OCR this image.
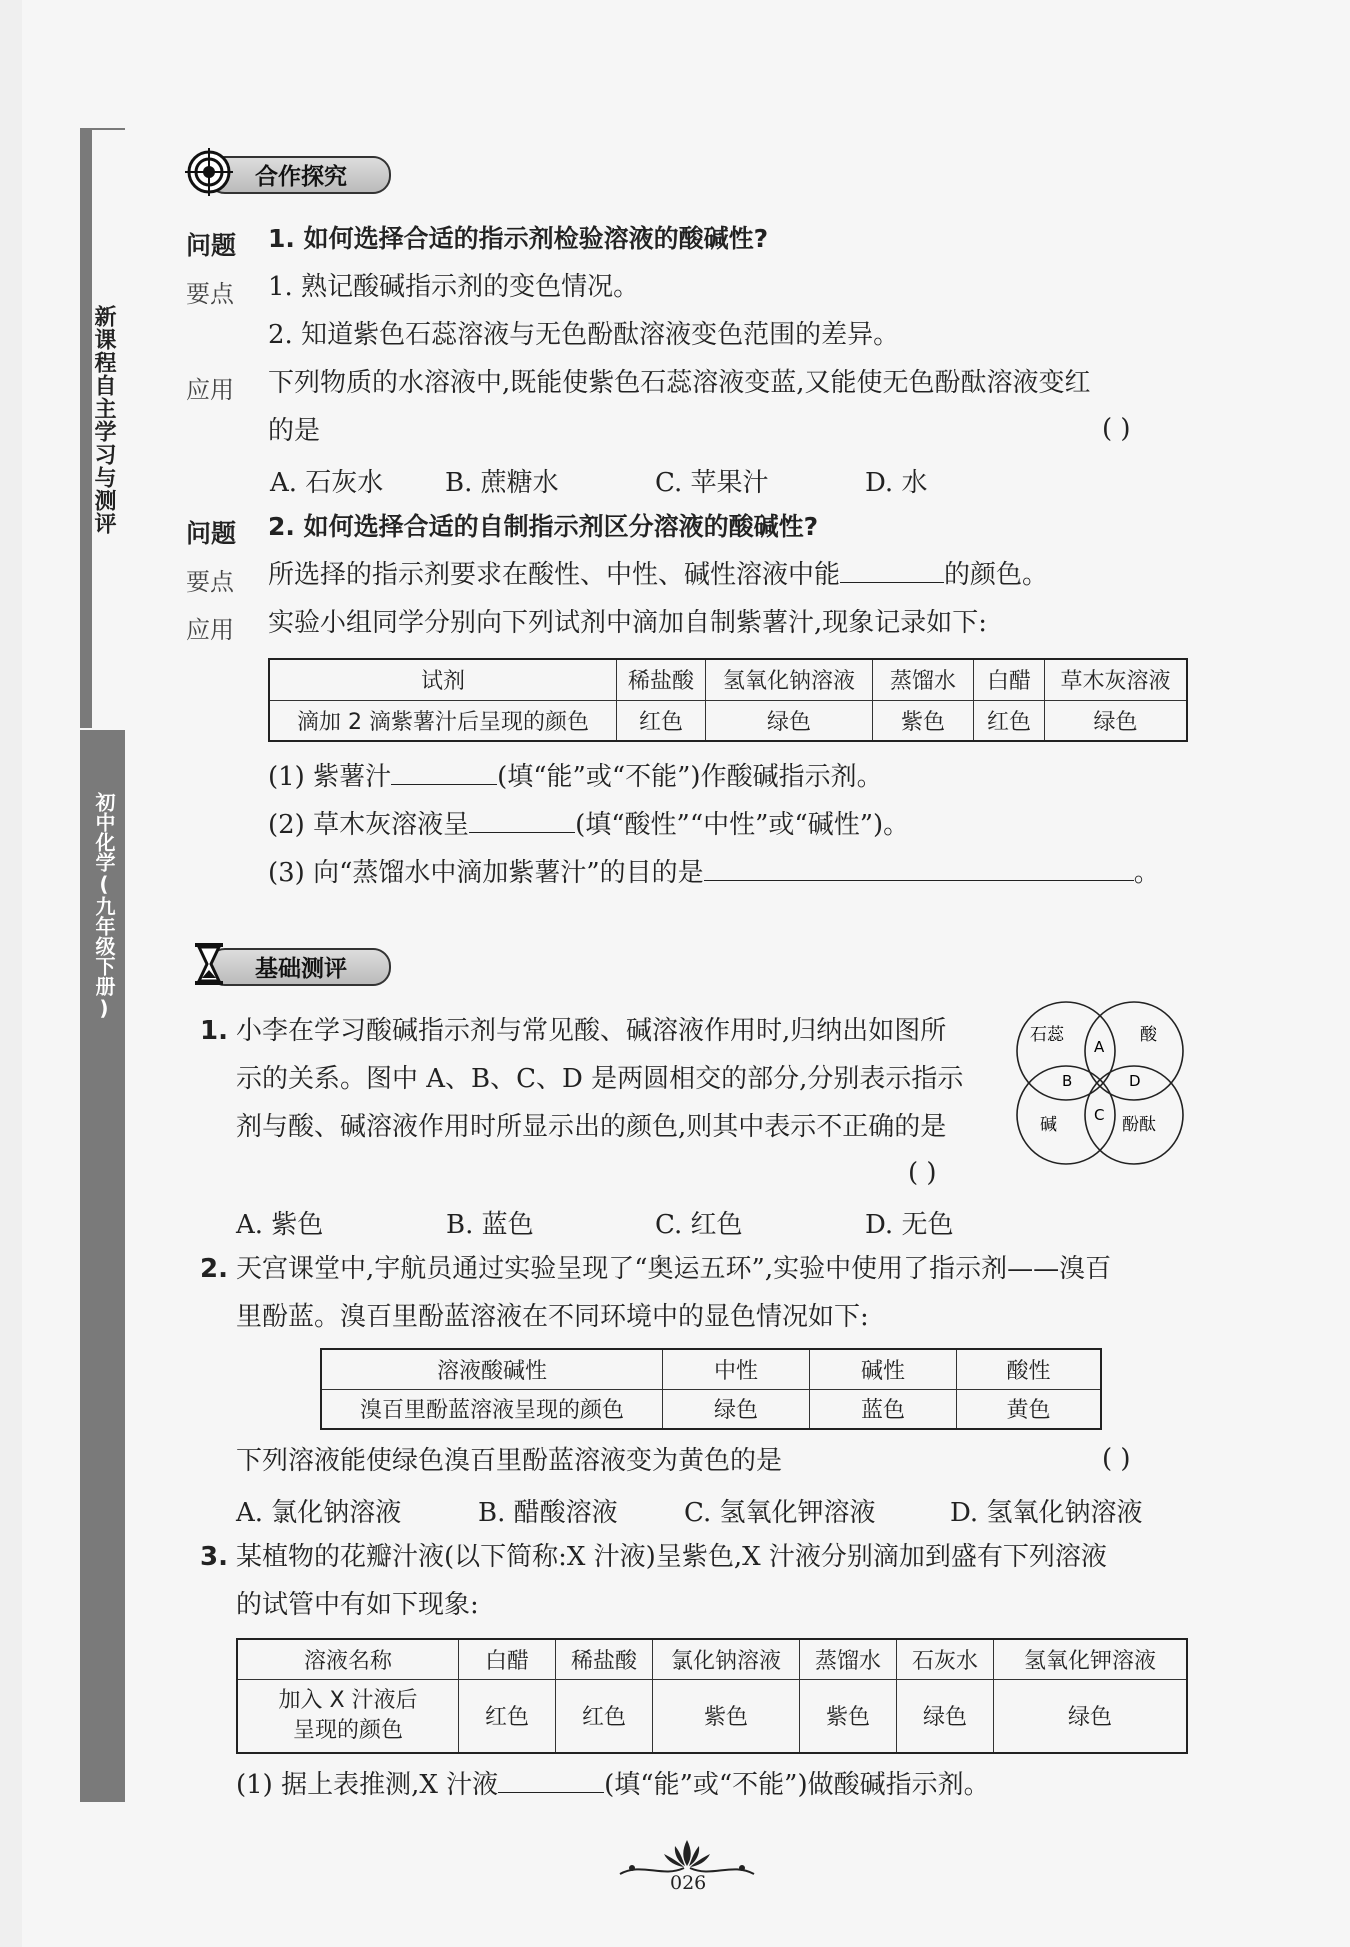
新课程自主学习与测评
初中化学(九年级下册)
合作探究
问题 1. 如何选择合适的指示剂检验溶液的酸碱性?
要点 1. 熟记酸碱指示剂的变色情况。
2. 知道紫色石蕊溶液与无色酚酞溶液变色范围的差异。
应用 下列物质的水溶液中,既能使紫色石蕊溶液变蓝,又能使无色酚酞溶液变红
的是	( )
A. 石灰水 B. 蔗糖水	C. 苹果汁	D. 水
问题 2. 如何选择合适的自制指示剂区分溶液的酸碱性?
要点 所选择的指示剂要求在酸性、中性、碱性溶液中能	的颜色。
应用 实验小组同学分别向下列试剂中滴加自制紫薯汁,现象记录如下:
试剂	稀盐酸	氢氧化钠溶液	蒸馏水	白醋	草木灰溶液
滴加 2 滴紫薯汁后呈现的颜色	红色	绿色	紫色	红色	绿色
(1) 紫薯汁	(填“能”或“不能”)作酸碱指示剂。
(2) 草木灰溶液呈	(填“酸性”“中性”或“碱性”)。
(3) 向“蒸馏水中滴加紫薯汁”的目的是	。
基础测评
1. 小李在学习酸碱指示剂与常见酸、碱溶液作用时,归纳出如图所
示的关系。图中 A、B、C、D 是两圆相交的部分,分别表示指示
剂与酸、碱溶液作用时所显示出的颜色,则其中表示不正确的是
( )
石蕊	酸
A
B	D
C
碱	酚酞
A. 紫色	B. 蓝色	C. 红色	D. 无色
2. 天宫课堂中,宇航员通过实验呈现了“奥运五环”,实验中使用了指示剂——溴百
里酚蓝。溴百里酚蓝溶液在不同环境中的显色情况如下:
溶液酸碱性	中性	碱性	酸性
溴百里酚蓝溶液呈现的颜色	绿色	蓝色	黄色
下列溶液能使绿色溴百里酚蓝溶液变为黄色的是	( )
A. 氯化钠溶液	B. 醋酸溶液	C. 氢氧化钾溶液	D. 氢氧化钠溶液
3. 某植物的花瓣汁液(以下简称:X 汁液)呈紫色,X 汁液分别滴加到盛有下列溶液
的试管中有如下现象:
溶液名称	白醋	稀盐酸	氯化钠溶液	蒸馏水	石灰水	氢氧化钾溶液

加入 X 汁液后
呈现的颜色	红色	红色	紫色	紫色	绿色	绿色
(1) 据上表推测,X 汁液	(填“能”或“不能”)做酸碱指示剂。
026
